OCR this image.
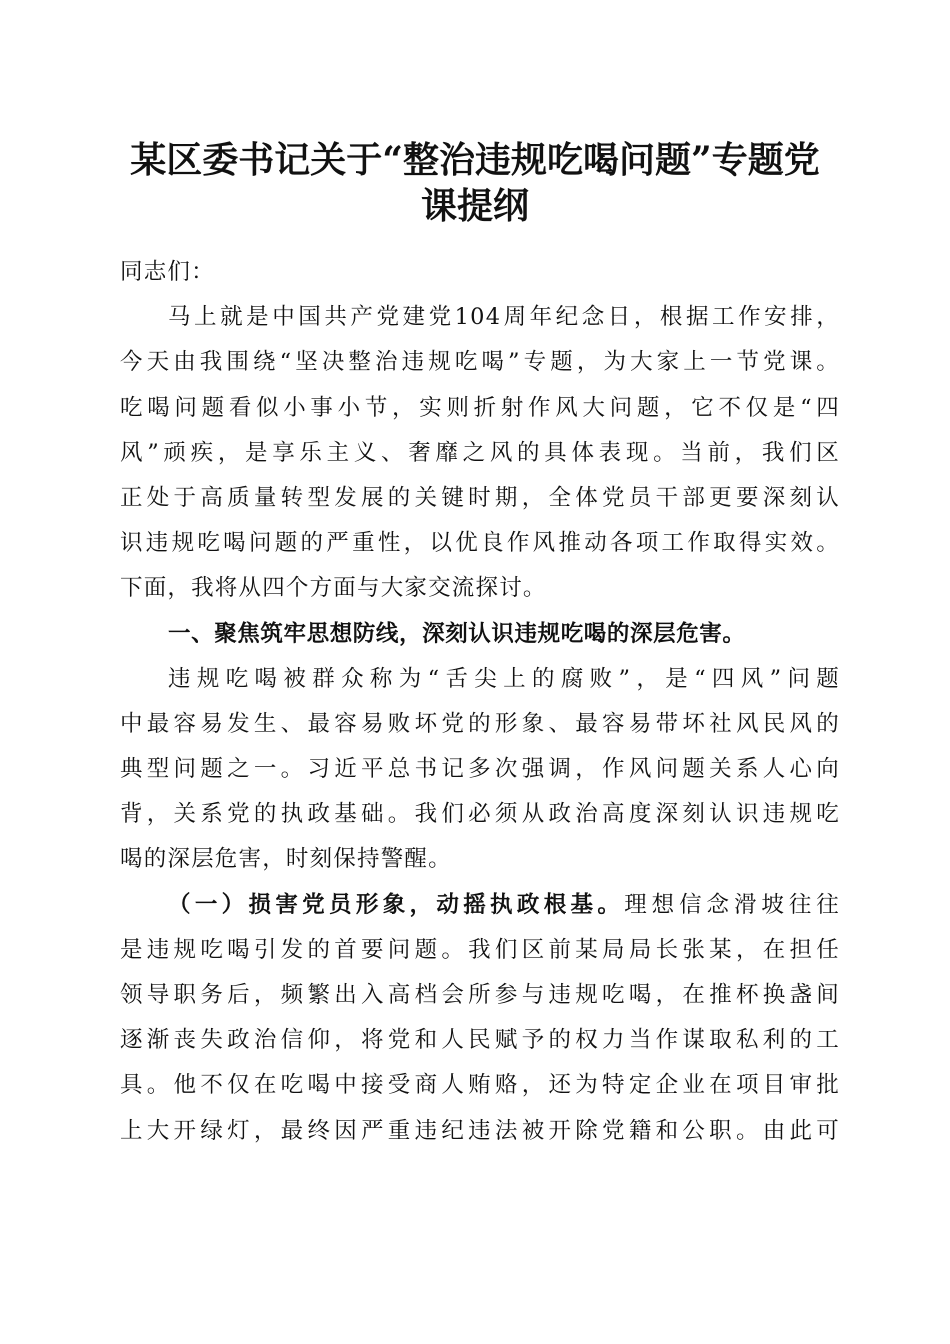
某区委书记关于“整治违规吃喝问题”专题党
课提纲
同志们：
马上就是中国共产党建党104周年纪念日，根据工作安排，
今天由我围绕“坚决整治违规吃喝”专题，为大家上一节党课。
吃喝问题看似小事小节，实则折射作风大问题，它不仅是“四
风”顽疾，是享乐主义、奢靡之风的具体表现。当前，我们区
正处于高质量转型发展的关键时期，全体党员干部更要深刻认
识违规吃喝问题的严重性，以优良作风推动各项工作取得实效。
下面，我将从四个方面与大家交流探讨。
一、聚焦筑牢思想防线，深刻认识违规吃喝的深层危害。
违规吃喝被群众称为“舌尖上的腐败”，是“四风”问题
中最容易发生、最容易败坏党的形象、最容易带坏社风民风的
典型问题之一。习近平总书记多次强调，作风问题关系人心向
背，关系党的执政基础。我们必须从政治高度深刻认识违规吃
喝的深层危害，时刻保持警醒。
（一）损害党员形象，动摇执政根基。理想信念滑坡往往
是违规吃喝引发的首要问题。我们区前某局局长张某，在担任
领导职务后，频繁出入高档会所参与违规吃喝，在推杯换盏间
逐渐丧失政治信仰，将党和人民赋予的权力当作谋取私利的工
具。他不仅在吃喝中接受商人贿赂，还为特定企业在项目审批
上大开绿灯，最终因严重违纪违法被开除党籍和公职。由此可
